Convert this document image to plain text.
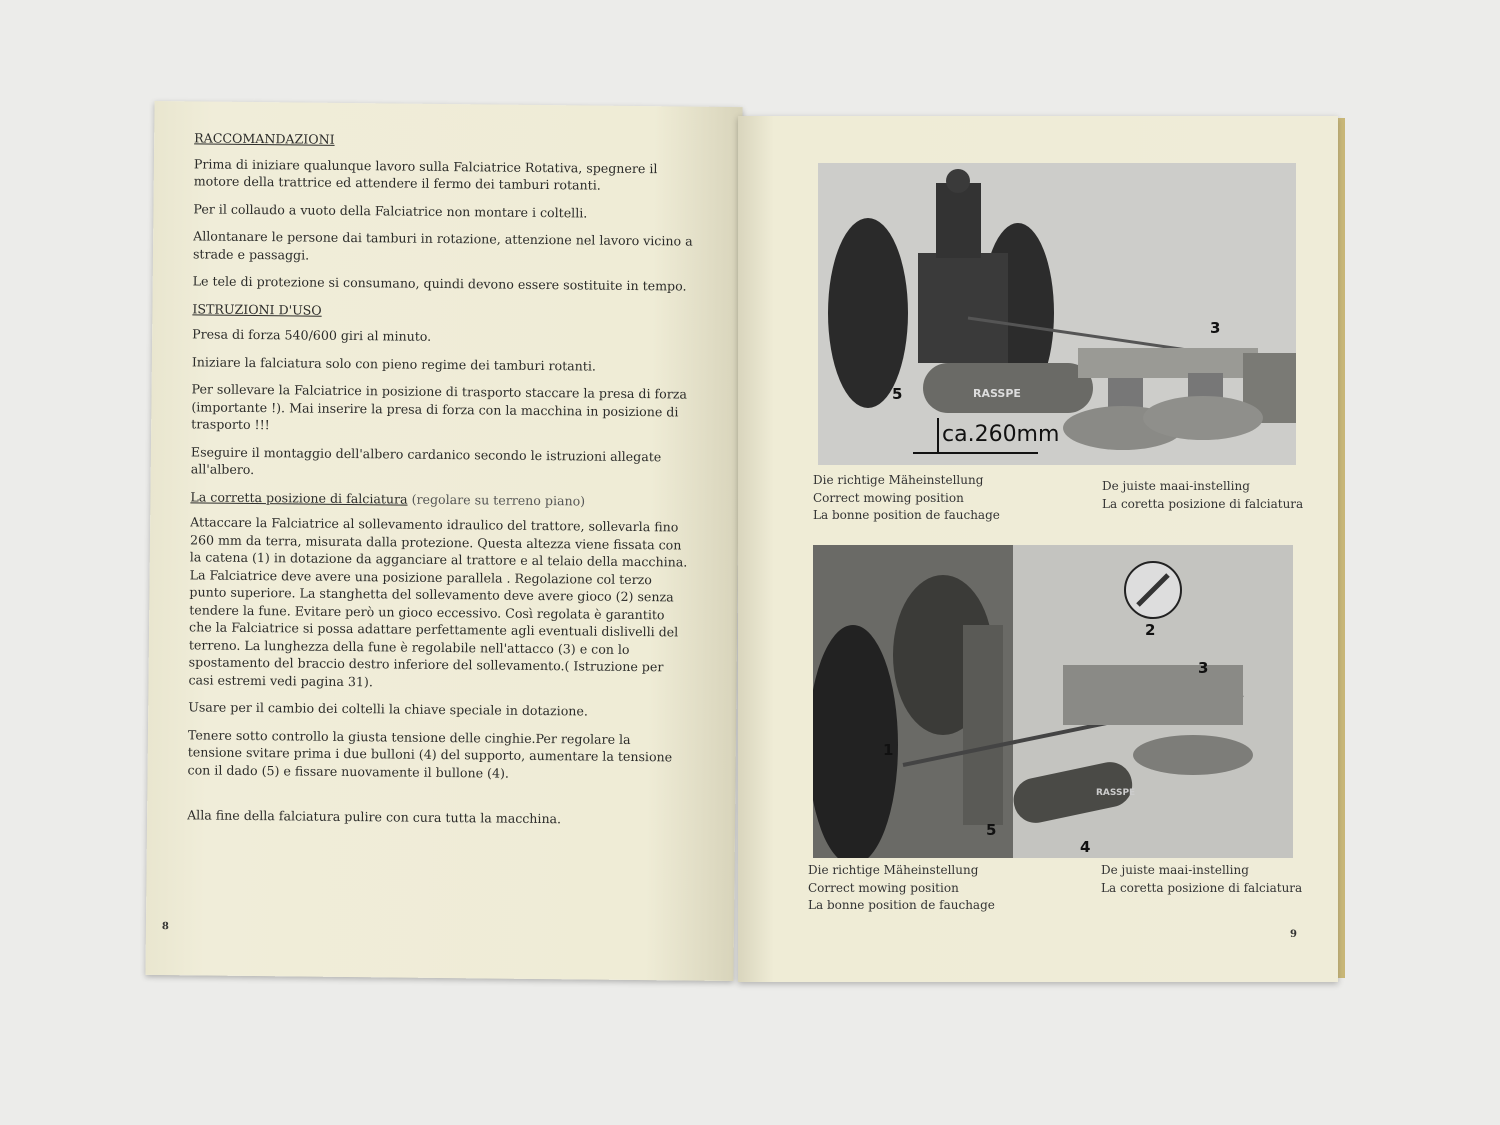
RACCOMANDAZIONI

Prima di iniziare qualunque lavoro sulla Falciatrice Rotativa, spegnere il motore della trattrice ed attendere il fermo dei tamburi rotanti.

Per il collaudo a vuoto della Falciatrice non montare i coltelli.

Allontanare le persone dai tamburi in rotazione, attenzione nel lavoro vicino a strade e passaggi.

Le tele di protezione si consumano, quindi devono essere sostituite in tempo.

ISTRUZIONI D'USO

Presa di forza 540/600 giri al minuto.

Iniziare la falciatura solo con pieno regime dei tamburi rotanti.

Per sollevare la Falciatrice in posizione di trasporto staccare la presa di forza (importante !). Mai inserire la presa di forza con la macchina in posizione di trasporto !!!

Eseguire il montaggio dell'albero cardanico secondo le istruzioni allegate all'albero.

La corretta posizione di falciatura (regolare su terreno piano)

Attaccare la Falciatrice al sollevamento idraulico del trattore, sollevarla fino 260 mm da terra, misurata dalla protezione. Questa altezza viene fissata con la catena (1) in dotazione da agganciare al trattore e al telaio della macchina. La Falciatrice deve avere una posizione parallela . Regolazione col terzo punto superiore. La stanghetta del sollevamento deve avere gioco (2) senza tendere la fune. Evitare però un gioco eccessivo. Così regolata è garantito che la Falciatrice si possa adattare perfettamente agli eventuali dislivelli del terreno. La lunghezza della fune è regolabile nell'attacco (3) e con lo spostamento del braccio destro inferiore del sollevamento.( Istruzione per casi estremi vedi pagina 31).

Usare per il cambio dei coltelli la chiave speciale in dotazione.

Tenere sotto controllo la giusta tensione delle cinghie.Per regolare la tensione svitare prima i due bulloni (4) del supporto, aumentare la tensione con il dado (5) e fissare nuovamente il bullone (4).

Alla fine della falciatura pulire con cura tutta la macchina.

8
RASSPE
ca.260mm
3
5
Die richtige Mäheinstellung
Correct mowing position
La bonne position de fauchage
De juiste maai-instelling
La coretta posizione di falciatura
RASSPE
1
2
3
4
5
Die richtige Mäheinstellung
Correct mowing position
La bonne position de fauchage
De juiste maai-instelling
La coretta posizione di falciatura
9
